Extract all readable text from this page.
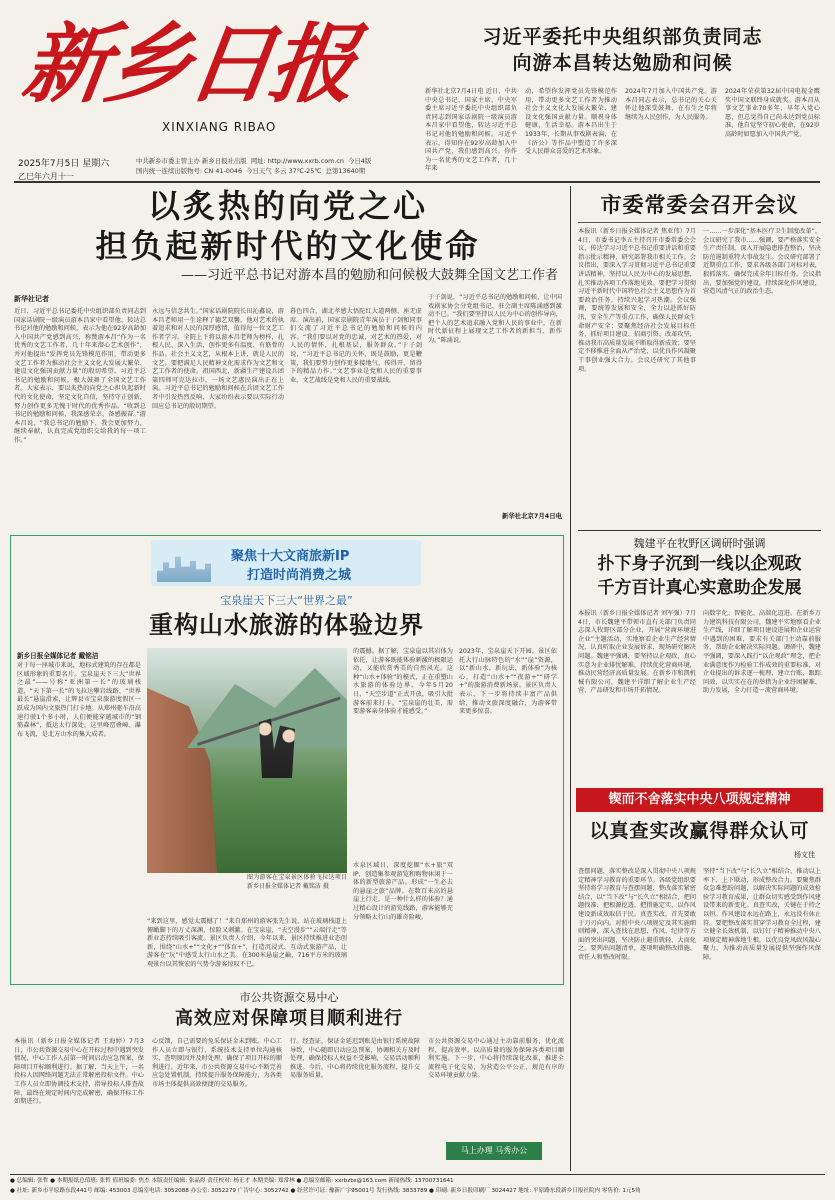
新乡日报
XINXIANG RIBAO
2025年7月5日 星期六
乙巳年六月十一
中共新乡市委主管主办 新乡日报社出版 网址: http://www.xxrb.com.cn 今日4版
国内统一连续出版物号: CN 41-0046 今日天气 多云 37℃-25℃ 总第13640期
习近平委托中央组织部负责同志
向游本昌转达勉励和问候
新华社北京7月4日电 近日，中共中央总书记、国家主席、中央军委主席习近平委托中央组织部负责同志到国家话剧院一级演员游本昌家中看望他，转达习近平总书记对他的勉励和问候。习近平表示，得知你在92岁高龄加入中国共产党，我们感到高兴。你作为一名优秀的文艺工作者，几十年来
动，希望你发挥党员先锋模范作用，带动更多文艺工作者为推动社会主义文化大发展大繁荣、建设文化强国贡献力量。顺祝身体健康，生活幸福。游本昌出生于1933年，长期从事戏剧表演，在《济公》等作品中塑造了许多深受人民群众喜爱的艺术形象。
2024年7月加入中国共产党。游本昌同志表示，总书记的关心关怀让他深受鼓舞，在有生之年将继续为人民创作、为人民服务。
2024年荣获第32届中国电视金鹰奖中国文联终身成就奖。游本昌从事文艺事业70多年，早年入党心愿，但总觉得自己尚未达到党员标准，他自觉坚守初心使命，在92岁高龄时如愿加入中国共产党。
以炙热的向党之心
担负起新时代的文化使命
——习近平总书记对游本昌的勉励和问候极大鼓舞全国文艺工作者
新华社记者
近日，习近平总书记委托中央组织部负责同志到国家话剧院一级演员游本昌家中看望他，转达总书记对他的勉励和问候，表示为他在92岁高龄加入中国共产党感到高兴，称赞游本昌“作为一名优秀的文艺工作者，几十年来潜心艺术创作”，并对他提出“发挥党员先锋模范作用，带动更多文艺工作者为推动社会主义文化大发展大繁荣、建设文化强国贡献力量”的殷切希望。习近平总书记的勉励和问候，极大鼓舞了全国文艺工作者。大家表示，要以炙热的向党之心担负起新时代的文化使命，坚定文化自信，坚持守正创新，努力创作更多无愧于时代的优秀作品。“收到总书记的勉励和问候，我深感荣幸、备感振奋。”游本昌说，“我总书记的勉励下，我会更加努力，继续奉献，认真完成党组织交给我的每一项工作。”
永远与信念共生。”国家话剧院院长田沁鑫说，游本昌老师用一生诠释了德艺双馨，他对艺术的执着追求和对人民的深厚感情，值得每一位文艺工作者学习。全院上下将以游本昌老师为榜样，扎根人民、深入生活，创作更多有温度、有筋骨的作品。社会主义文艺，从根本上讲，就是人民的文艺。要把满足人民精神文化需求作为文艺和文艺工作者的使命。祖国西北，新疆生产建设兵团第四师可克达拉市，一场文艺惠民演出正在上演。习近平总书记的勉励和问候在兵团文艺工作者中引发热烈反响，大家纷纷表示要以实际行动回应总书记的殷切期望。
暮色四合，湖北孝感大悟陀红大道两侧，座无虚席。演出前，国家京剧院青年演员于子剑和同事们交流了习近平总书记的勉励和问候的内容。“我们要以对党的忠诚，对艺术的热爱，对人民的情怀，扎根基层，服务群众。”于子剑说，“习近平总书记的关怀，既是鼓励，更是鞭策，我们要努力创作更多接地气、传得开、留得下的精品力作。”文艺事业是党和人民的重要事业，文艺战线是党和人民的重要战线。
于子剑说，“习近平总书记的勉励和问候，让中国戏剧家协会分党组书记、驻会副主席陈涌感到激动不已。“我们要坚持以人民为中心的创作导向，把个人的艺术追求融入党和人民的事业中，在新时代新征程上展现文艺工作者的新担当、新作为。”陈涌说。
新华社北京7月4日电
市委常委会召开会议
本报讯（新乡日报全媒体记者 焦亚伟）7月4日，市委书记李五主持召开市委常委会会议，传达学习习近平总书记重要讲话和重要指示批示精神，研究部署我市相关工作。会议指出，要深入学习贯彻习近平总书记重要讲话精神，坚持以人民为中心的发展思想，扎实推动各项工作落地见效。要把学习贯彻习近平新时代中国特色社会主义思想作为首要政治任务，持续兴起学习热潮。会议强调，要统筹发展和安全，全力以赴抓好防汛、安全生产等重点工作，确保人民群众生命财产安全；要聚焦经济社会发展目标任务，抓好项目建设、招商引资、改革攻坚，推动我市高质量发展不断取得新成效；要坚定不移推进全面从严治党，以优良作风凝聚干事创业强大合力。会议还研究了其他事项。
一……一步深化“基本医疗卫生制度改革”。会议研究了我市……强调，要严格落实安全生产责任制，深入开展隐患排查整治，坚决防范遏制重特大事故发生。会议研究部署了近期重点工作，要求各级各部门对标对表，狠抓落实，确保完成全年目标任务。会议指出，要加强党的建设，持续深化作风建设，营造风清气正的政治生态。
聚焦十大文商旅新IP
打造时尚消费之城
宝泉崖天下三大“世界之最”
重构山水旅游的体验边界
新乡日报全媒体记者 戴铭洁
对于每一座城市来说，地标式建筑的存在都是区域形象的重要名片。宝泉崖天下三大“世界之最”——号称“亚洲第一长”的玻璃栈道、“天下第一长”的飞拉达攀岩线路、“世界最长”悬崖滑索，让辉县市宝泉旅游度假区一跃成为国内文旅热门打卡地。从郑州驱车沿高速行驶1个多小时，人们便能穿越城市的“钢筋森林”，抵达太行深处。这里峰峦叠嶂、瀑布飞流，是北方山水的集大成者。
图为游客在宝泉景区体验飞拉达项目 新乡日报全媒体记者 戴铭洁 摄
“来到这里，感觉太震撼了！”来自郑州的游客张先生说，站在玻璃栈道上俯瞰脚下的万丈深渊，惊险又刺激。在宝泉崖，“天空漫步”“云端行走”等新业态持续吸引客流。景区负责人介绍，今年以来，景区持续推进业态创新，围绕“山水+”“文化+”“体育+”，打造沉浸式、互动式旅游产品，让游客在“玩”中感受太行山水之美。在300米悬崖之巅，716平方米的玻璃观景台以其恢宏的气势令游客惊叹不已。
水泉区域日，深度挖掘“水+旅”双IP，创造集参观游览和购物休闲于一体的新型旅游产品。形成“一生必去的悬崖之旅”品牌。在数百米高的悬崖上行走，是一种什么样的体验？通过精心设计的游览线路，游客能够充分领略太行山的雄奇险峻。
的震撼。据了解，宝泉崖以其岩体为依托，让游客既能体验刺激的极限运动，又能欣赏秀美的自然风光。这种“山水+体验”的模式，正在重塑山水旅游的体验边界。今年5月20日，“天空步道”正式开放，吸引大批游客前来打卡。“宝泉崖的壮美，需要游客亲身体验才能感受。”
2023年，宝泉崖天下开园，景区依托大行山脉特色的“水”“崖”资源，以“新山水、新玩法、新体验”为核心，打造“山水+”“夜游+”“研学+”的旅游消费新场景。景区负责人表示，下一步将持续丰富产品供给，推动文旅深度融合，为游客带来更多惊喜。
魏建平在牧野区调研时强调
扑下身子沉到一线以企观政
千方百计真心实意助企发展
本报讯（新乡日报全媒体记者 刘军强）7月4日，市长魏建平带领市直有关部门负责同志深入牧野区部分企业，开展“营商环境进企业”主题活动，实地察看企业生产经营情况，认真听取企业发展诉求，现场研究解决问题。魏建平强调，要坚持以企观政，真心实意为企业排忧解难，持续优化营商环境，推动民营经济高质量发展。在新乡市和凯机械有限公司，魏建平详细了解企业生产经营、产品研发和市场开拓情况。
向数字化、智能化、高端化迈进。在新乡万力建筑科技有限公司，魏建平实地察看企业生产线，详细了解项目建设进展和企业运营中遇到的困难，要求有关部门主动靠前服务，帮助企业解决实际问题。调研中，魏建平强调，要深入践行“以企观政”理念，把企业满意度作为检验工作成效的重要标准，对企业提出的诉求逐一梳理、建立台账、跟踪问效，以实实在在的举措为企业纾困解难、助力发展，全力打造一流营商环境。
锲而不舍落实中央八项规定精神
以真查实改赢得群众认可
杨文佳
查摆问题，落实整改是深入贯彻中央八项规定精神学习教育的重要环节。各级党组织要坚持将学习教育与查摆问题、整改落实紧密结合，以“当下改”与“长久立”相结合，把问题找准、把根源挖透、把措施定实，以作风建设新成效取信于民。真查实改，首先要敢于刀刃向内。对照中央八项规定及其实施细则精神，深入查找在思想、作风、纪律等方面的突出问题，坚决防止避重就轻、大而化之。要列出问题清单，逐项明确整改措施、责任人和整改时限。
坚持“当下改”与“长久立”相结合，推动以上率下、上下联动，形成整改合力。要聚焦群众急难愁盼问题，以解决实际问题的成效检验学习教育成果，让群众切实感受到作风建设带来的新变化。真查实改，关键在于持之以恒。作风建设永远在路上，永远没有休止符。要把整改落实贯穿学习教育全过程，建立健全长效机制，以钉钉子精神推动中央八项规定精神落地生根，以优良党风政风凝心聚力，为推动高质量发展提供坚强作风保障。
市公共资源交易中心
高效应对保障项目顺利进行
本报讯（新乡日报全媒体记者 王海婷）7月3日，市公共资源交易中心在开标过程中遇到突发情况，中心工作人员第一时间启动应急预案，保障项目开标顺利进行。据了解，当天上午，一名投标人因网络问题无法正常解密投标文件。中心工作人员立即协调技术支持，指导投标人排查故障，最终在规定时间内完成解密，确保开标工作如期进行。
心反馈，自己需要的免采保证金未到账。中心工作人员立即与银行、系统技术支持单位沟通核实，查明原因并及时处理，确保了项目开标的顺利进行。近年来，市公共资源交易中心不断完善应急处置机制，持续提升服务保障能力，为各类市场主体提供高效便捷的交易服务。
行。经查证，保证金延迟到账是由银行系统故障导致，中心随即启动应急预案，协调相关方及时处理，确保投标人权益不受影响，交易活动顺利推进。今后，中心将持续优化服务流程，提升交易服务质量。
市公共资源交易中心通过主动靠前服务，优化流程，提高效率，以高质量的服务保障各类项目顺利实施。下一步，中心将持续深化改革，推进全流程电子化交易，为营造公平公正、规范有序的交易环境贡献力量。
马上办理 马秀办公
● 总编辑: 张哲 ● 本期报纸总值班: 张哲 值班编委: 焦杰 本版责任编辑: 张晶煜 责任校对: 杨正才 本期美编: 郑常林 ● 总编室邮箱: xxrbzbs@163.com 新闻热线: 13700731641
● 社址: 新乡市平原路东段441号 邮编: 453003 总编室电话: 3052088 办公室: 3052279 广告中心: 3052742 ● 经营许可证: 豫新广字95001号 发行热线: 3833789 ● 印刷: 新乡日报印刷厂 3024427 地址: 平原路东段新乡日报社院内 零售价: 1元5角
